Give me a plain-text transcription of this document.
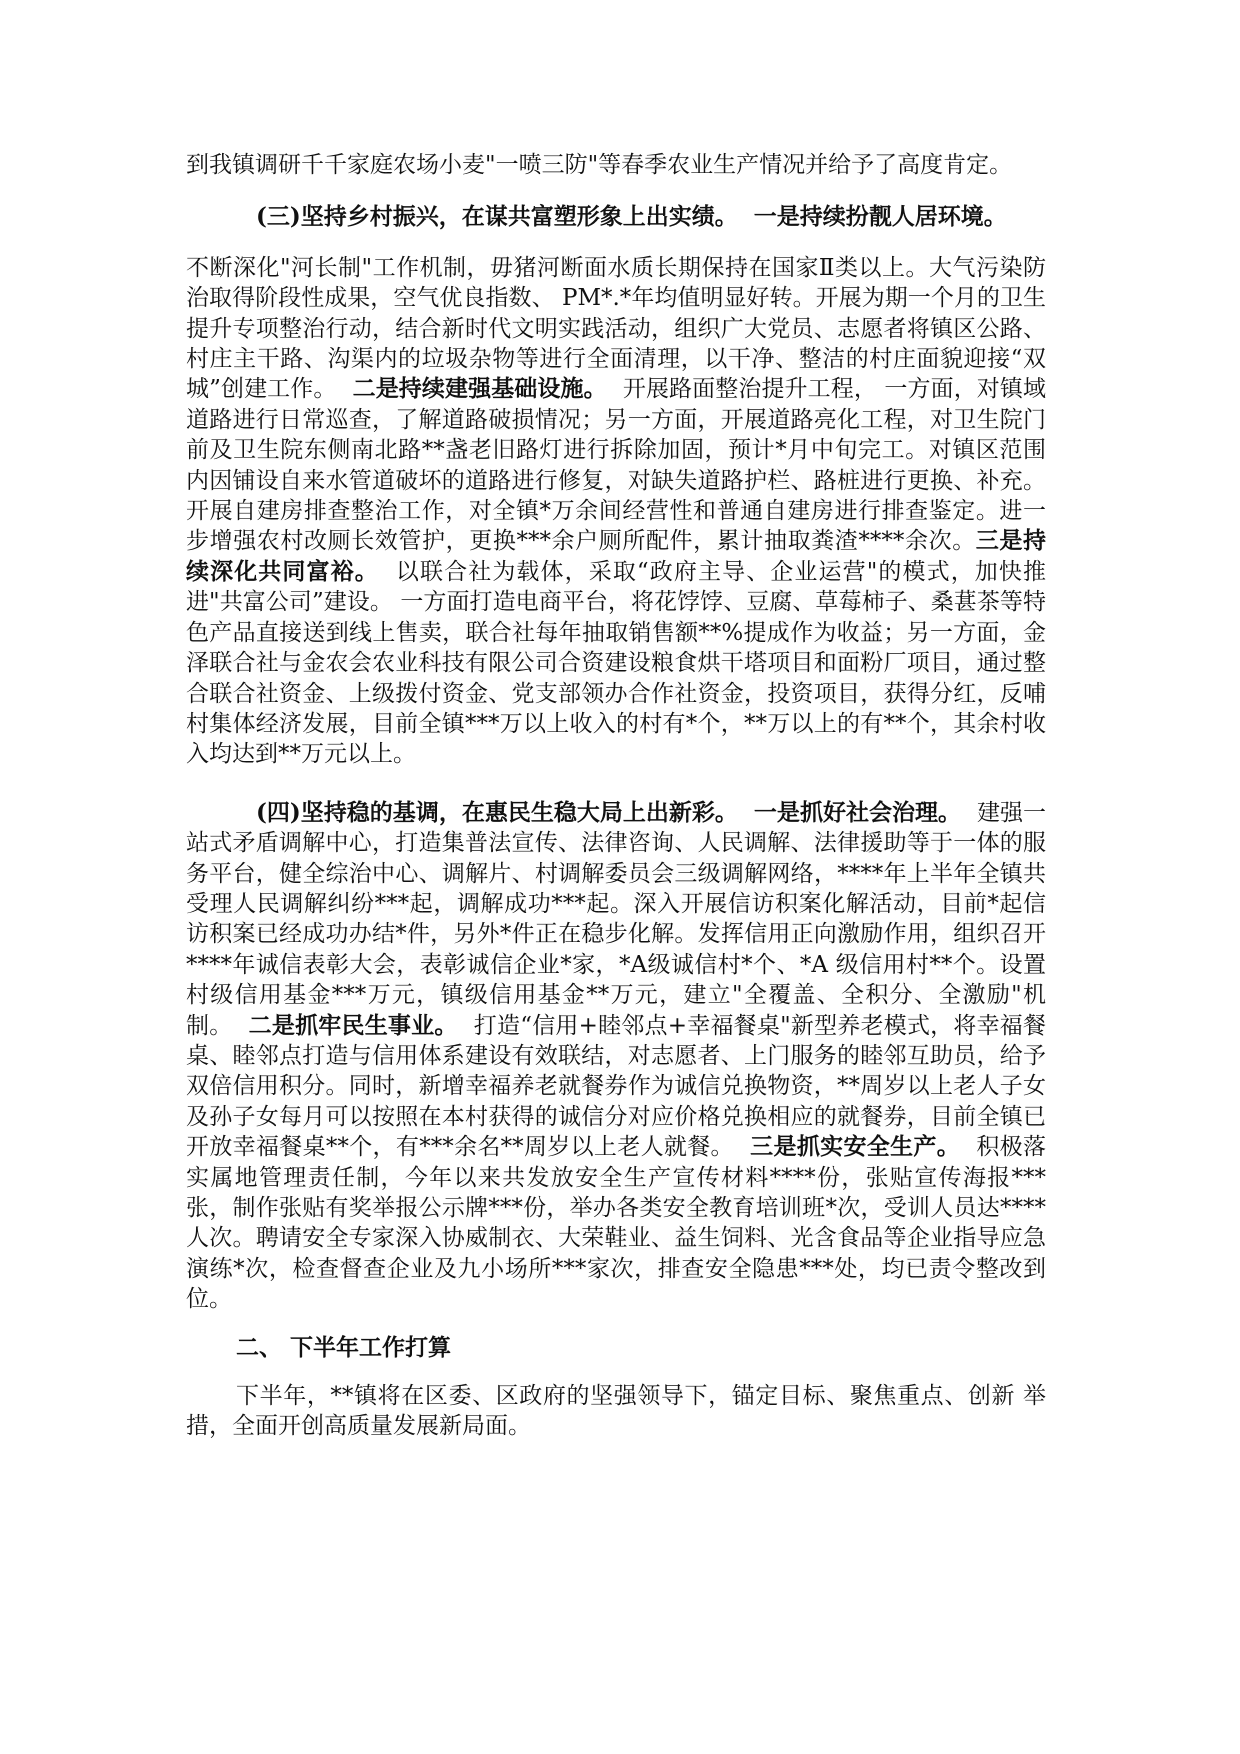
到我镇调研千千家庭农场小麦"一喷三防"等春季农业生产情况并给予了高度肯定。

(三)坚持乡村振兴，在谋共富塑形象上出实绩。 一是持续扮靓人居环境。

不断深化"河长制"工作机制，毋猪河断面水质长期保持在国家Ⅱ类以上。大气污染防治取得阶段性成果，空气优良指数、 PM*.*年均值明显好转。开展为期一个月的卫生提升专项整治行动，结合新时代文明实践活动，组织广大党员、志愿者将镇区公路、村庄主干路、沟渠内的垃圾杂物等进行全面清理，以干净、整洁的村庄面貌迎接“双城”创建工作。 二是持续建强基础设施。 开展路面整治提升工程， 一方面，对镇域道路进行日常巡查，了解道路破损情况；另一方面，开展道路亮化工程，对卫生院门前及卫生院东侧南北路**盏老旧路灯进行拆除加固，预计*月中旬完工。对镇区范围内因铺设自来水管道破坏的道路进行修复，对缺失道路护栏、路桩进行更换、补充。开展自建房排查整治工作，对全镇*万余间经营性和普通自建房进行排查鉴定。进一步增强农村改厕长效管护，更换***余户厕所配件，累计抽取粪渣****余次。三是持续深化共同富裕。 以联合社为载体，采取“政府主导、企业运营"的模式，加快推进"共富公司”建设。 一方面打造电商平台，将花饽饽、豆腐、草莓柿子、桑葚茶等特色产品直接送到线上售卖，联合社每年抽取销售额**%提成作为收益；另一方面，金泽联合社与金农会农业科技有限公司合资建设粮食烘干塔项目和面粉厂项目，通过整合联合社资金、上级拨付资金、党支部领办合作社资金，投资项目，获得分红，反哺村集体经济发展，目前全镇***万以上收入的村有*个，**万以上的有**个，其余村收入均达到**万元以上。

(四)坚持稳的基调，在惠民生稳大局上出新彩。 一是抓好社会治理。 建强一站式矛盾调解中心，打造集普法宣传、法律咨询、人民调解、法律援助等于一体的服务平台，健全综治中心、调解片、村调解委员会三级调解网络，****年上半年全镇共受理人民调解纠纷***起，调解成功***起。深入开展信访积案化解活动，目前*起信访积案已经成功办结*件，另外*件正在稳步化解。发挥信用正向激励作用，组织召开****年诚信表彰大会，表彰诚信企业*家，*A级诚信村*个、*A 级信用村**个。设置村级信用基金***万元，镇级信用基金**万元，建立"全覆盖、全积分、全激励"机制。 二是抓牢民生事业。 打造“信用+睦邻点+幸福餐桌"新型养老模式，将幸福餐桌、睦邻点打造与信用体系建设有效联结，对志愿者、上门服务的睦邻互助员，给予双倍信用积分。同时，新增幸福养老就餐券作为诚信兑换物资，**周岁以上老人子女及孙子女每月可以按照在本村获得的诚信分对应价格兑换相应的就餐券，目前全镇已开放幸福餐桌**个，有***余名**周岁以上老人就餐。 三是抓实安全生产。 积极落实属地管理责任制，今年以来共发放安全生产宣传材料****份，张贴宣传海报***张，制作张贴有奖举报公示牌***份，举办各类安全教育培训班*次，受训人员达****人次。聘请安全专家深入协威制衣、大荣鞋业、益生饲料、光含食品等企业指导应急演练*次，检查督查企业及九小场所***家次，排查安全隐患***处，均已责令整改到位。

二、 下半年工作打算

下半年，**镇将在区委、区政府的坚强领导下，锚定目标、聚焦重点、创新 举措，全面开创高质量发展新局面。
